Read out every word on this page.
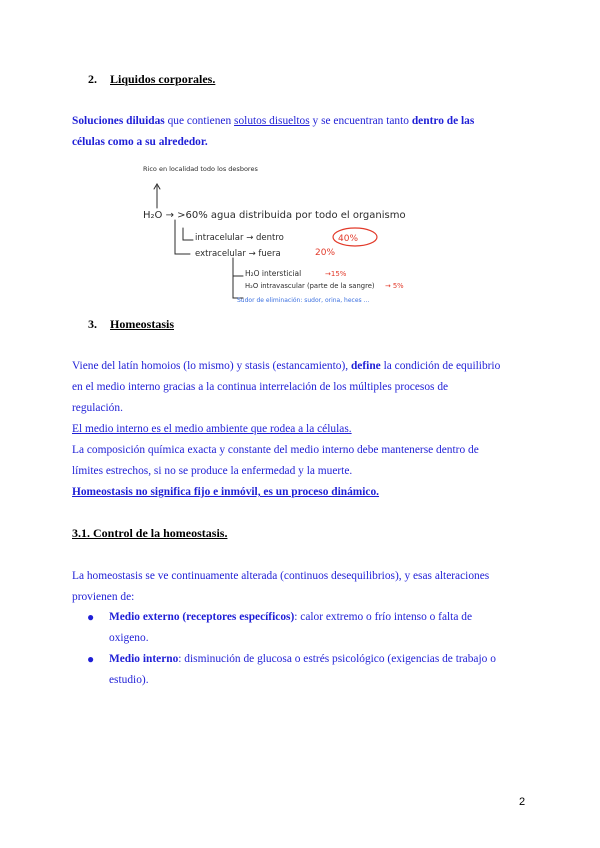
2. Liquidos corporales.
Soluciones diluidas que contienen solutos disueltos y se encuentran tanto dentro de las
células como a su alrededor.
Rico en localidad todo los desbores
H₂O → >60% agua distribuida por todo el organismo
intracelular → dentro	40%
extracelular → fuera	20%
H₂O intersticial	→15%
H₂O intravascular (parte de la sangre) → 5%
Sudor de eliminación: sudor, orina, heces ...
3. Homeostasis
Viene del latín homoios (lo mismo) y stasis (estancamiento), define la condición de equilibrio
en el medio interno gracias a la continua interrelación de los múltiples procesos de
regulación.
El medio interno es el medio ambiente que rodea a la células.
La composición química exacta y constante del medio interno debe mantenerse dentro de
límites estrechos, si no se produce la enfermedad y la muerte.
Homeostasis no significa fijo e inmóvil, es un proceso dinámico.
3.1. Control de la homeostasis.
La homeostasis se ve continuamente alterada (continuos desequilibrios), y esas alteraciones
provienen de:
● Medio externo (receptores específicos): calor extremo o frío intenso o falta de
oxigeno.
● Medio interno: disminución de glucosa o estrés psicológico (exigencias de trabajo o
estudio).
2
